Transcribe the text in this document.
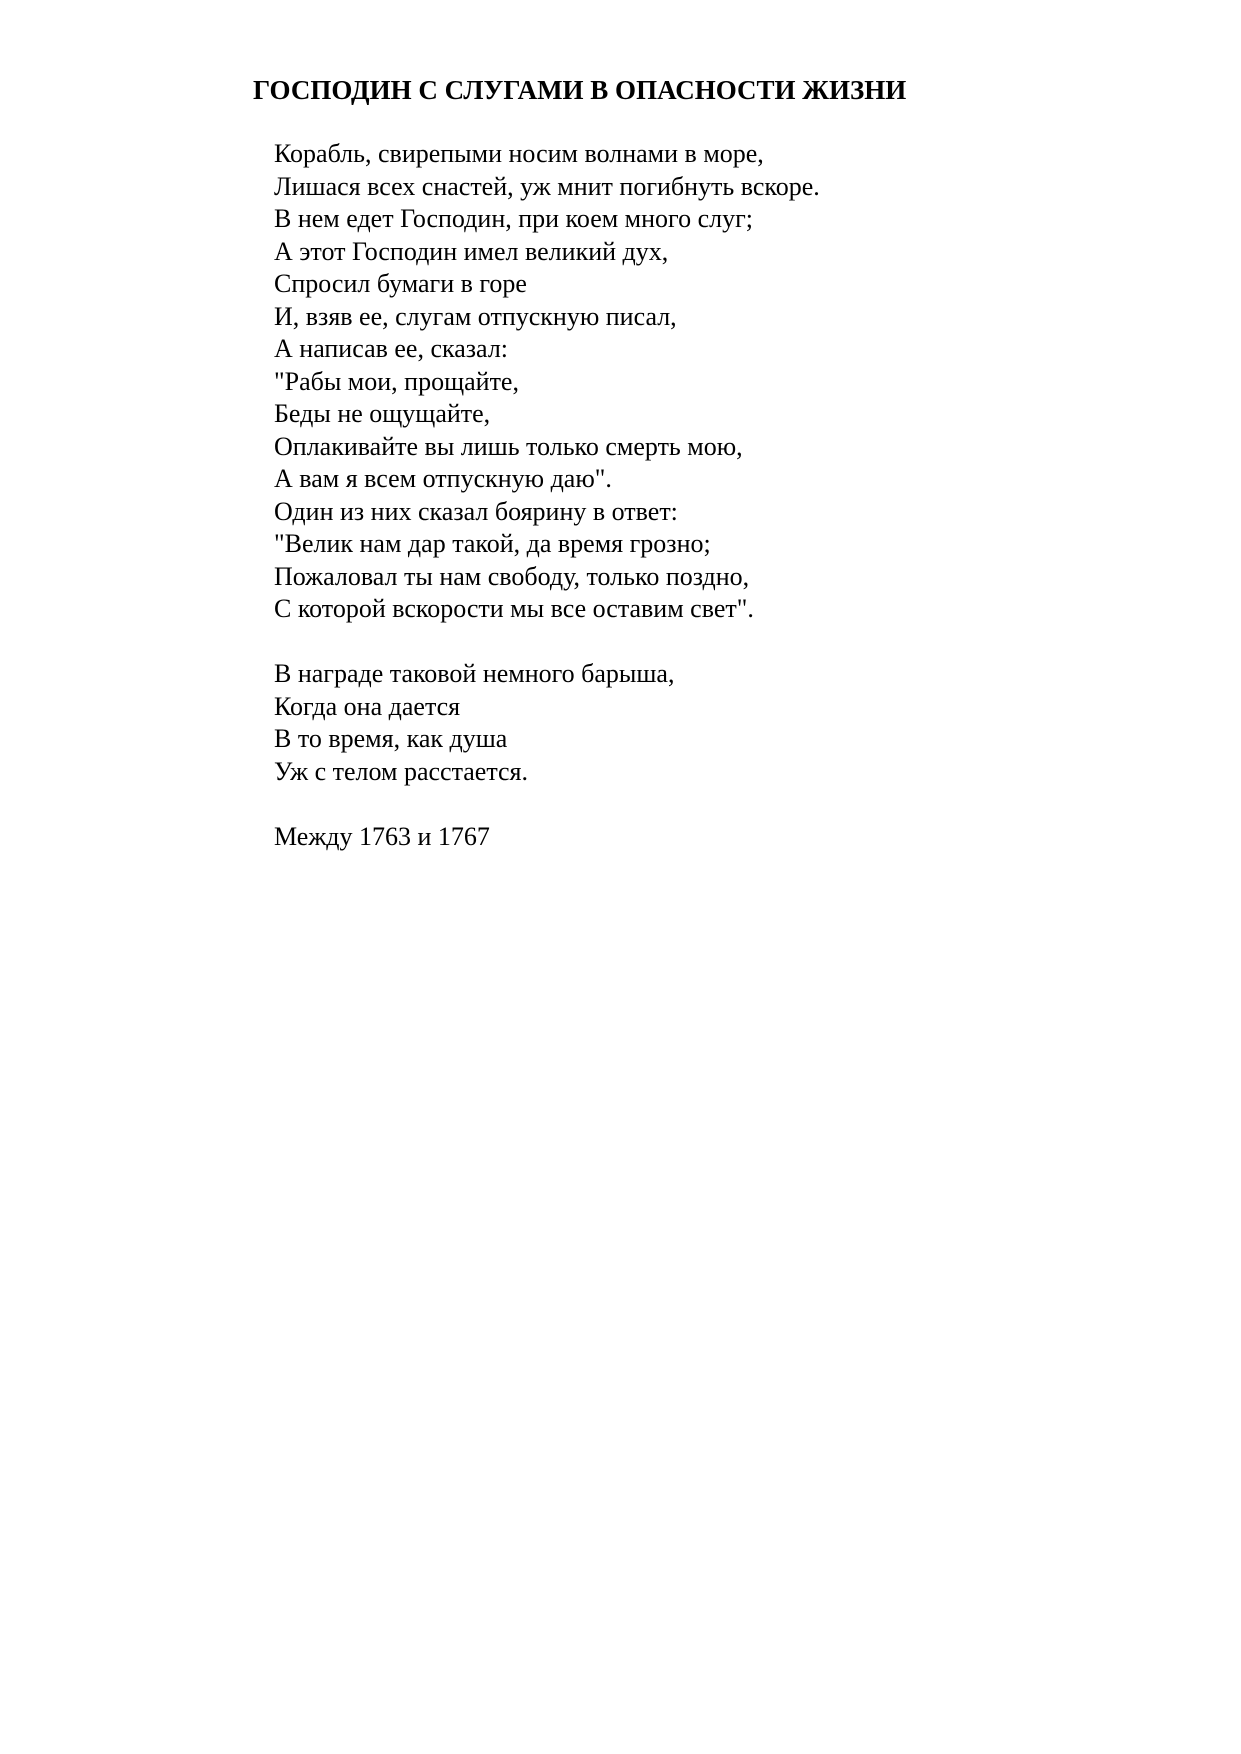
ГОСПОДИН С СЛУГАМИ В ОПАСНОСТИ ЖИЗНИ
Корабль, свирепыми носим волнами в море,
Лишася всех снастей, уж мнит погибнуть вскоре.
В нем едет Господин, при коем много слуг;
А этот Господин имел великий дух,
Спросил бумаги в горе
И, взяв ее, слугам отпускную писал,
А написав ее, сказал:
"Рабы мои, прощайте,
Беды не ощущайте,
Оплакивайте вы лишь только смерть мою,
А вам я всем отпускную даю".
Один из них сказал боярину в ответ:
"Велик нам дар такой, да время грозно;
Пожаловал ты нам свободу, только поздно,
С которой вскорости мы все оставим свет".
В награде таковой немного барыша,
Когда она дается
В то время, как душа
Уж с телом расстается.
Между 1763 и 1767
